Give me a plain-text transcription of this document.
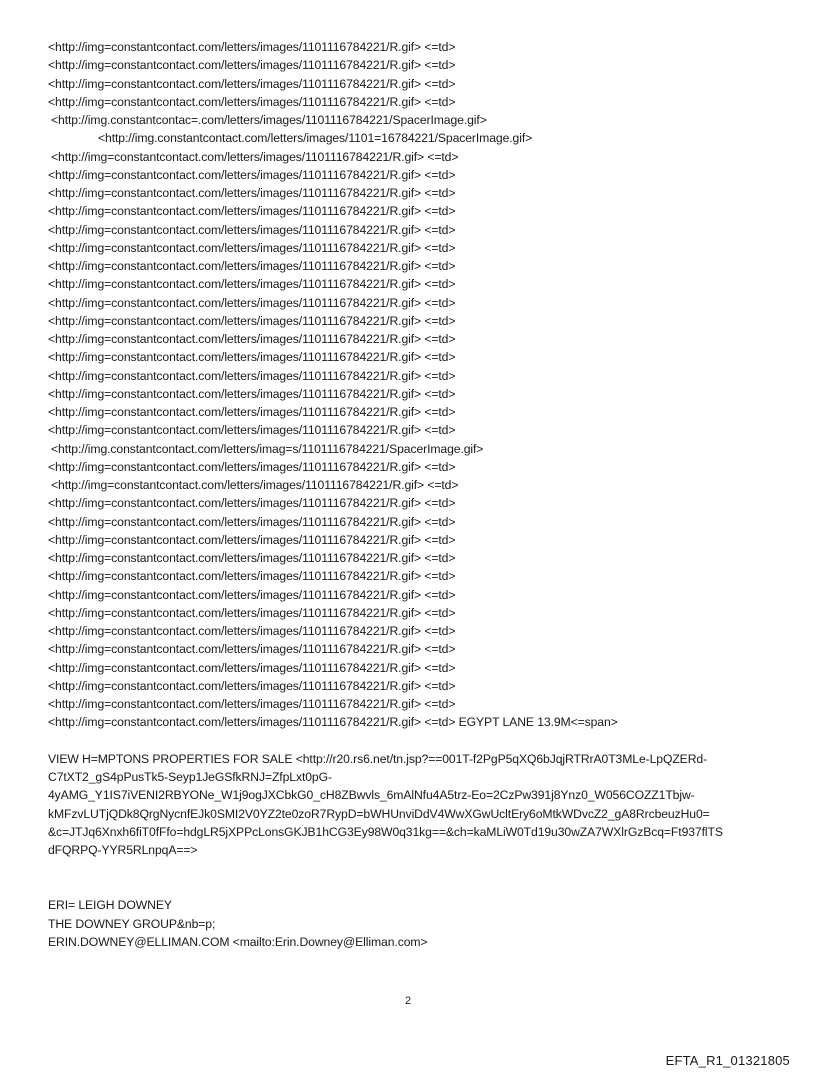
<http://img=constantcontact.com/letters/images/1101116784221/R.gif> <=td>
<http://img=constantcontact.com/letters/images/1101116784221/R.gif> <=td>
<http://img=constantcontact.com/letters/images/1101116784221/R.gif> <=td>
<http://img=constantcontact.com/letters/images/1101116784221/R.gif> <=td>
<http://img.constantcontac=.com/letters/images/1101116784221/SpacerImage.gif>
<http://img.constantcontact.com/letters/images/1101=16784221/SpacerImage.gif>
<http://img=constantcontact.com/letters/images/1101116784221/R.gif> <=td>
<http://img=constantcontact.com/letters/images/1101116784221/R.gif> <=td>
<http://img=constantcontact.com/letters/images/1101116784221/R.gif> <=td>
<http://img=constantcontact.com/letters/images/1101116784221/R.gif> <=td>
<http://img=constantcontact.com/letters/images/1101116784221/R.gif> <=td>
<http://img=constantcontact.com/letters/images/1101116784221/R.gif> <=td>
<http://img=constantcontact.com/letters/images/1101116784221/R.gif> <=td>
<http://img=constantcontact.com/letters/images/1101116784221/R.gif> <=td>
<http://img=constantcontact.com/letters/images/1101116784221/R.gif> <=td>
<http://img=constantcontact.com/letters/images/1101116784221/R.gif> <=td>
<http://img=constantcontact.com/letters/images/1101116784221/R.gif> <=td>
<http://img=constantcontact.com/letters/images/1101116784221/R.gif> <=td>
<http://img=constantcontact.com/letters/images/1101116784221/R.gif> <=td>
<http://img=constantcontact.com/letters/images/1101116784221/R.gif> <=td>
<http://img=constantcontact.com/letters/images/1101116784221/R.gif> <=td>
<http://img=constantcontact.com/letters/images/1101116784221/R.gif> <=td>
<http://img.constantcontact.com/letters/imag=s/1101116784221/SpacerImage.gif>
<http://img=constantcontact.com/letters/images/1101116784221/R.gif> <=td>
<http://img=constantcontact.com/letters/images/1101116784221/R.gif> <=td>
<http://img=constantcontact.com/letters/images/1101116784221/R.gif> <=td>
<http://img=constantcontact.com/letters/images/1101116784221/R.gif> <=td>
<http://img=constantcontact.com/letters/images/1101116784221/R.gif> <=td>
<http://img=constantcontact.com/letters/images/1101116784221/R.gif> <=td>
<http://img=constantcontact.com/letters/images/1101116784221/R.gif> <=td>
<http://img=constantcontact.com/letters/images/1101116784221/R.gif> <=td>
<http://img=constantcontact.com/letters/images/1101116784221/R.gif> <=td>
<http://img=constantcontact.com/letters/images/1101116784221/R.gif> <=td>
<http://img=constantcontact.com/letters/images/1101116784221/R.gif> <=td>
<http://img=constantcontact.com/letters/images/1101116784221/R.gif> <=td>
<http://img=constantcontact.com/letters/images/1101116784221/R.gif> <=td>
<http://img=constantcontact.com/letters/images/1101116784221/R.gif> <=td>
<http://img=constantcontact.com/letters/images/1101116784221/R.gif> <=td> EGYPT LANE 13.9M<=span>
VIEW H=MPTONS PROPERTIES FOR SALE <http://r20.rs6.net/tn.jsp?==001T-f2PgP5qXQ6bJqjRTRrA0T3MLe-LpQZERd-
C7tXT2_gS4pPusTk5-Seyp1JeGSfkRNJ=ZfpLxt0pG-
4yAMG_Y1IS7iVENI2RBYONe_W1j9ogJXCbkG0_cH8ZBwvls_6mAlNfu4A5trz-Eo=2CzPw391j8Ynz0_W056COZZ1Tbjw-
kMFzvLUTjQDk8QrgNycnfEJk0SMI2V0YZ2te0zoR7RypD=bWHUnviDdV4WwXGwUcltEry6oMtkWDvcZ2_gA8RrcbeuzHu0=
&c=JTJq6Xnxh6fiT0fFfo=hdgLR5jXPPcLonsGKJB1hCG3Ey98W0q31kg==&ch=kaMLiW0Td19u30wZA7WXlrGzBcq=Ft937flTS
dFQRPQ-YYR5RLnpqA==>
ERI= LEIGH DOWNEY
THE DOWNEY GROUP&nb=p;
ERIN.DOWNEY@ELLIMAN.COM <mailto:Erin.Downey@Elliman.com>
2
EFTA_R1_01321805
